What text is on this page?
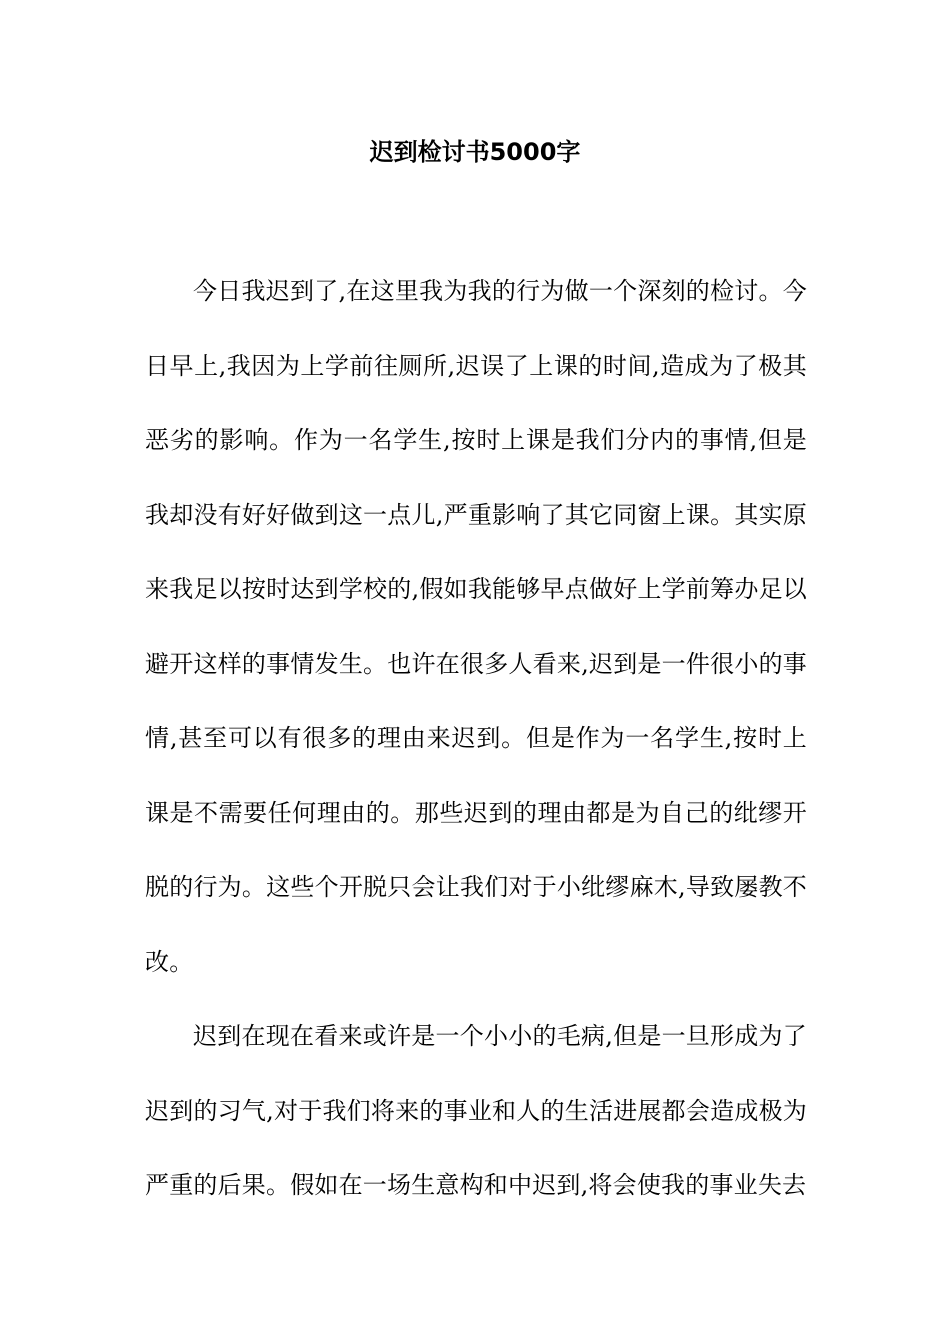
迟到检讨书5000字

今日我迟到了,在这里我为我的行为做一个深刻的检讨。今日早上,我因为上学前往厕所,迟误了上课的时间,造成为了极其恶劣的影响。作为一名学生,按时上课是我们分内的事情,但是我却没有好好做到这一点儿,严重影响了其它同窗上课。其实原来我足以按时达到学校的,假如我能够早点做好上学前筹办足以避开这样的事情发生。也许在很多人看来,迟到是一件很小的事情,甚至可以有很多的理由来迟到。但是作为一名学生,按时上课是不需要任何理由的。那些迟到的理由都是为自己的纰缪开脱的行为。这些个开脱只会让我们对于小纰缪麻木,导致屡教不改。

迟到在现在看来或许是一个小小的毛病,但是一旦形成为了迟到的习气,对于我们将来的事业和人的生活进展都会造成极为严重的后果。假如在一场生意构和中迟到,将会使我的事业失去
